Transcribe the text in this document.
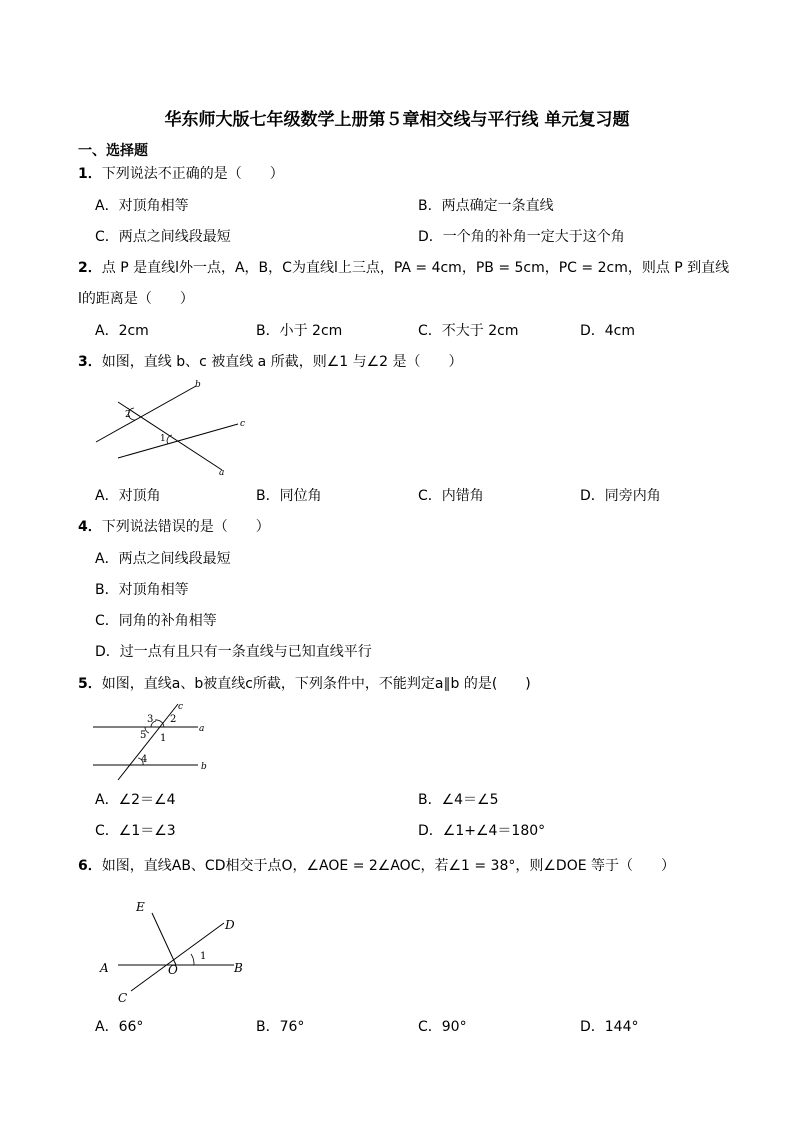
华东师大版七年级数学上册第５章相交线与平行线 单元复习题
一、选择题
1．下列说法不正确的是（　　）
A．对顶角相等	B．两点确定一条直线
C．两点之间线段最短	D．一个角的补角一定大于这个角
2．点 P 是直线l外一点，A，B，C为直线l上三点，PA = 4cm，PB = 5cm，PC = 2cm，则点 P 到直线
l的距离是（　　）
A．2cm	B．小于 2cm	C．不大于 2cm	D．4cm
3．如图，直线 b、c 被直线 a 所截，则∠1 与∠2 是（　　）
b
c
a
2
1
A．对顶角	B．同位角	C．内错角	D．同旁内角
4．下列说法错误的是（　　）
A．两点之间线段最短
B．对顶角相等
C．同角的补角相等
D．过一点有且只有一条直线与已知直线平行
5．如图，直线a、b被直线c所截，下列条件中，不能判定a∥b 的是(　　)
a
b
c
3 2
5 1
4
A．∠2＝∠4	B．∠4＝∠5
C．∠1＝∠3	D．∠1+∠4＝180°
6．如图，直线AB、CD相交于点O，∠AOE = 2∠AOC，若∠1 = 38°，则∠DOE 等于（　　）
A	B
C
D
E
O
1
A．66°	B．76°	C．90°	D．144°
